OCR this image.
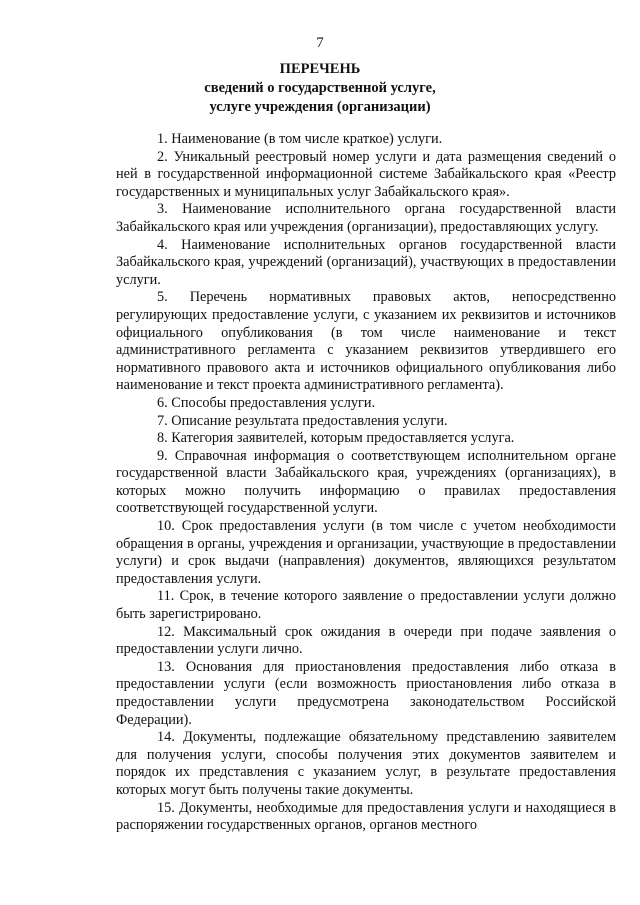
7
ПЕРЕЧЕНЬ
сведений о государственной услуге,
услуге учреждения (организации)

1. Наименование (в том числе краткое) услуги.

2. Уникальный реестровый номер услуги и дата размещения сведений о ней в государственной информационной системе Забайкальского края «Реестр государственных и муниципальных услуг Забайкальского края».

3. Наименование исполнительного органа государственной власти Забайкальского края или учреждения (организации), предоставляющих услугу.

4. Наименование исполнительных органов государственной власти Забайкальского края, учреждений (организаций), участвующих в предоставлении услуги.

5. Перечень нормативных правовых актов, непосредственно регулирующих предоставление услуги, с указанием их реквизитов и источников официального опубликования (в том числе наименование и текст административного регламента с указанием реквизитов утвердившего его нормативного правового акта и источников официального опубликования либо наименование и текст проекта административного регламента).

6. Способы предоставления услуги.

7. Описание результата предоставления услуги.

8. Категория заявителей, которым предоставляется услуга.

9. Справочная информация о соответствующем исполнительном органе государственной власти Забайкальского края, учреждениях (организациях), в которых можно получить информацию о правилах предоставления соответствующей государственной услуги.

10. Срок предоставления услуги (в том числе с учетом необходимости обращения в органы, учреждения и организации, участвующие в предоставлении услуги) и срок выдачи (направления) документов, являющихся результатом предоставления услуги.

11. Срок, в течение которого заявление о предоставлении услуги должно быть зарегистрировано.

12. Максимальный срок ожидания в очереди при подаче заявления о предоставлении услуги лично.

13. Основания для приостановления предоставления либо отказа в предоставлении услуги (если возможность приостановления либо отказа в предоставлении услуги предусмотрена законодательством Российской Федерации).

14. Документы, подлежащие обязательному представлению заявителем для получения услуги, способы получения этих документов заявителем и порядок их представления с указанием услуг, в результате предоставления которых могут быть получены такие документы.

15. Документы, необходимые для предоставления услуги и находящиеся в распоряжении государственных органов, органов местного
